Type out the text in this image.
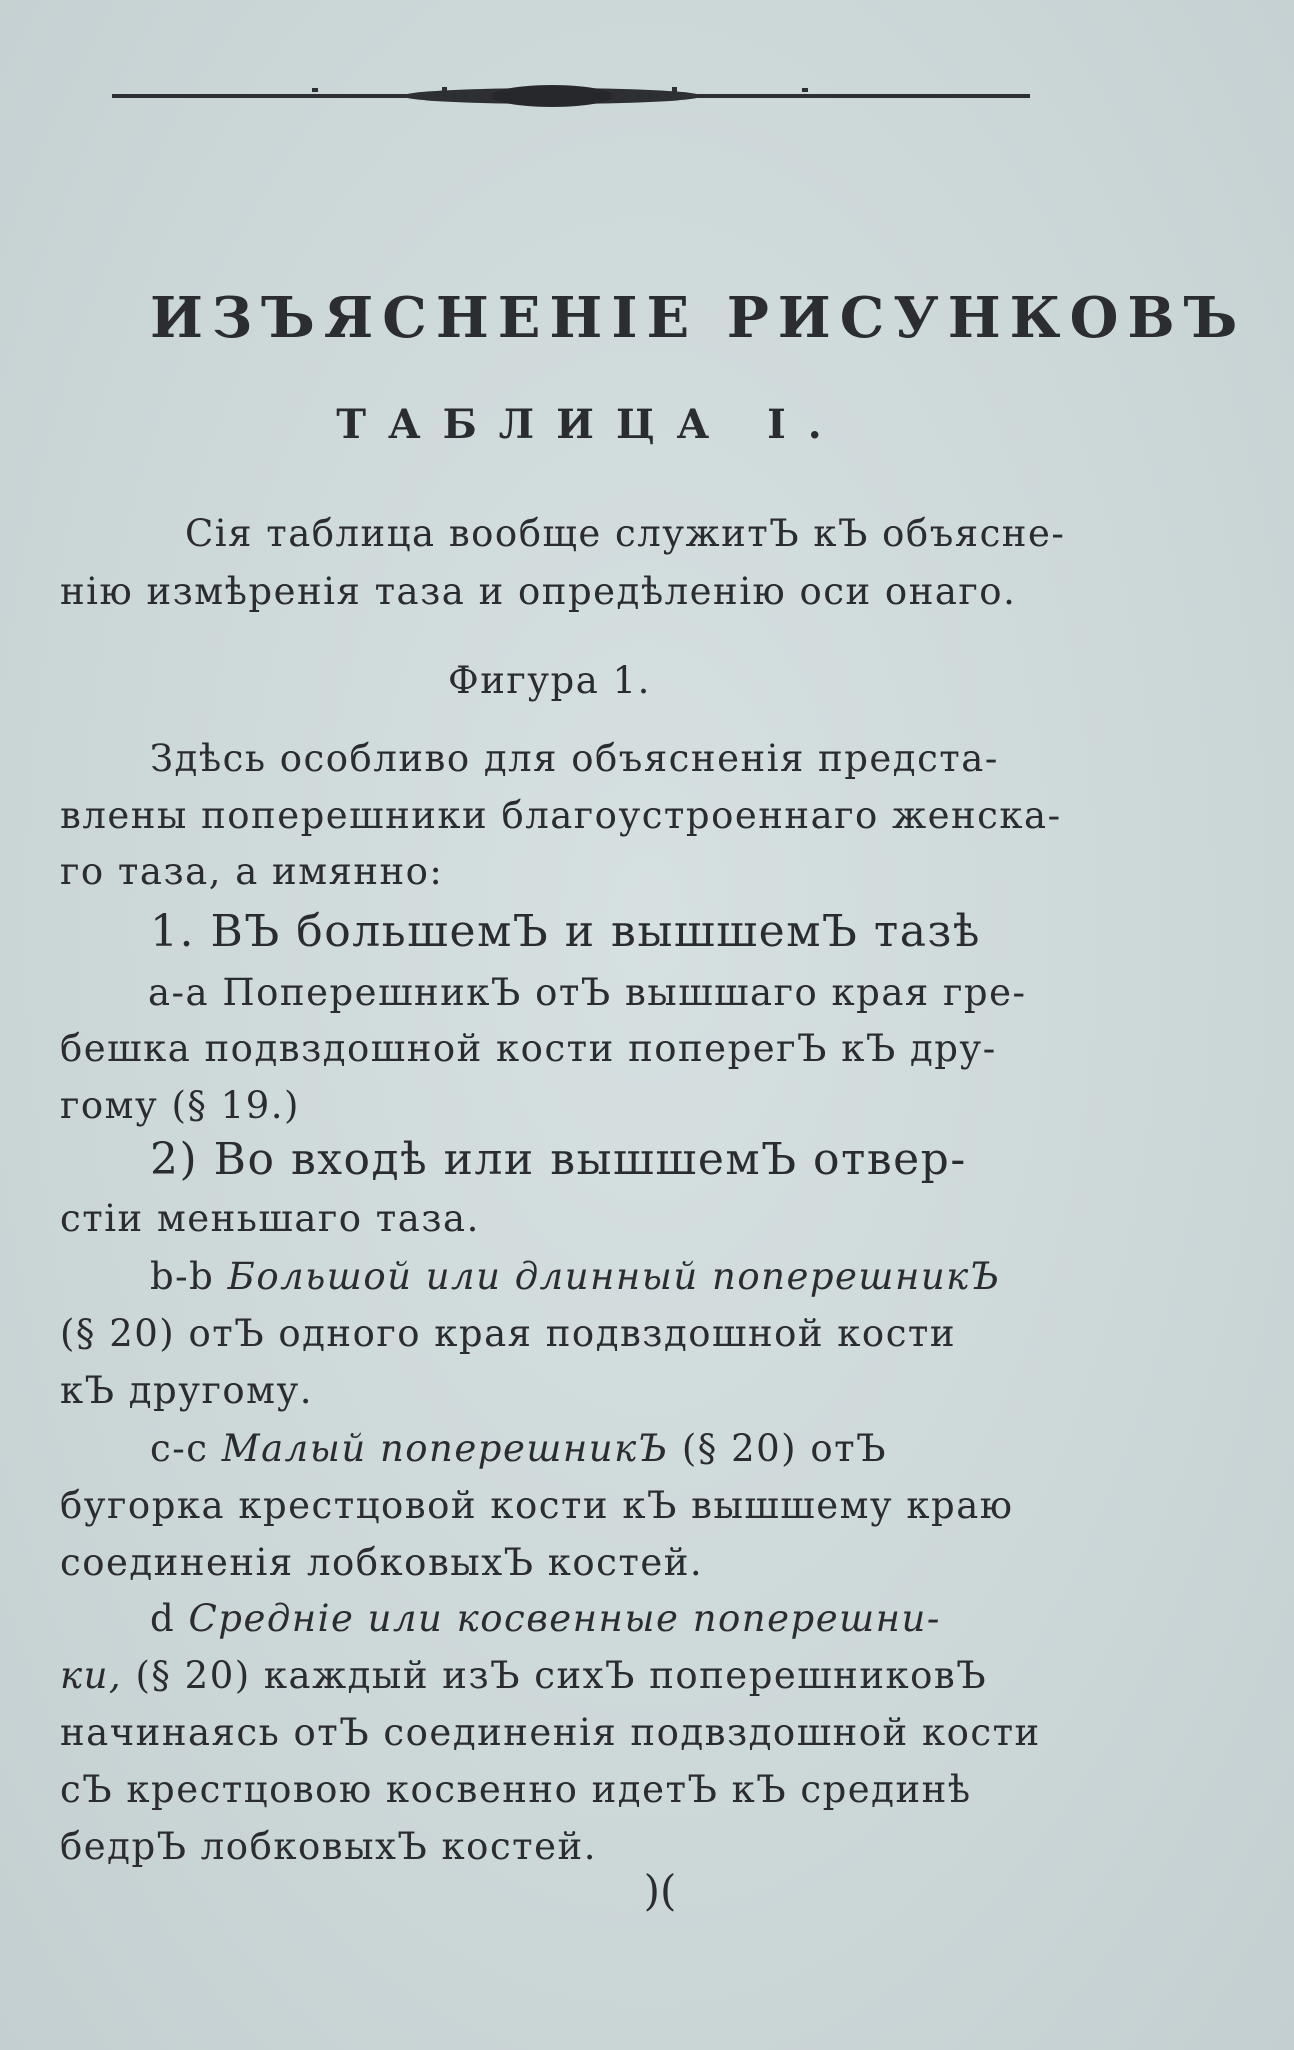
ИЗЪЯСНЕНІЕ РИСУНКОВЪ
ТАБЛИЦА I.
Сія таблица вообще служитЪ кЪ объясне-
нію измѣренія таза и опредѣленію оси онаго.
Фигура 1.
Здѣсь особливо для объясненія предста-
влены поперешники благоустроеннаго женска-
го таза, а имянно:
1. ВЪ большемЪ и вышшемЪ тазѣ
а-а ПоперешникЪ отЪ вышшаго края гре-
бешка подвздошной кости поперегЪ кЪ дру-
гому (§ 19.)
2) Во входѣ или вышшемЪ отвер-
стіи меньшаго таза.
b-b Большой или длинный поперешникЪ
(§ 20) отЪ одного края подвздошной кости
кЪ другому.
с-с Малый поперешникЪ (§ 20) отЪ
бугорка крестцовой кости кЪ вышшему краю
соединенія лобковыхЪ костей.
d Средніе или косвенные поперешни-
ки, (§ 20) каждый изЪ сихЪ поперешниковЪ
начинаясь отЪ соединенія подвздошной кости
сЪ крестцовою косвенно идетЪ кЪ срединѣ
бедрЪ лобковыхЪ костей.
)(
